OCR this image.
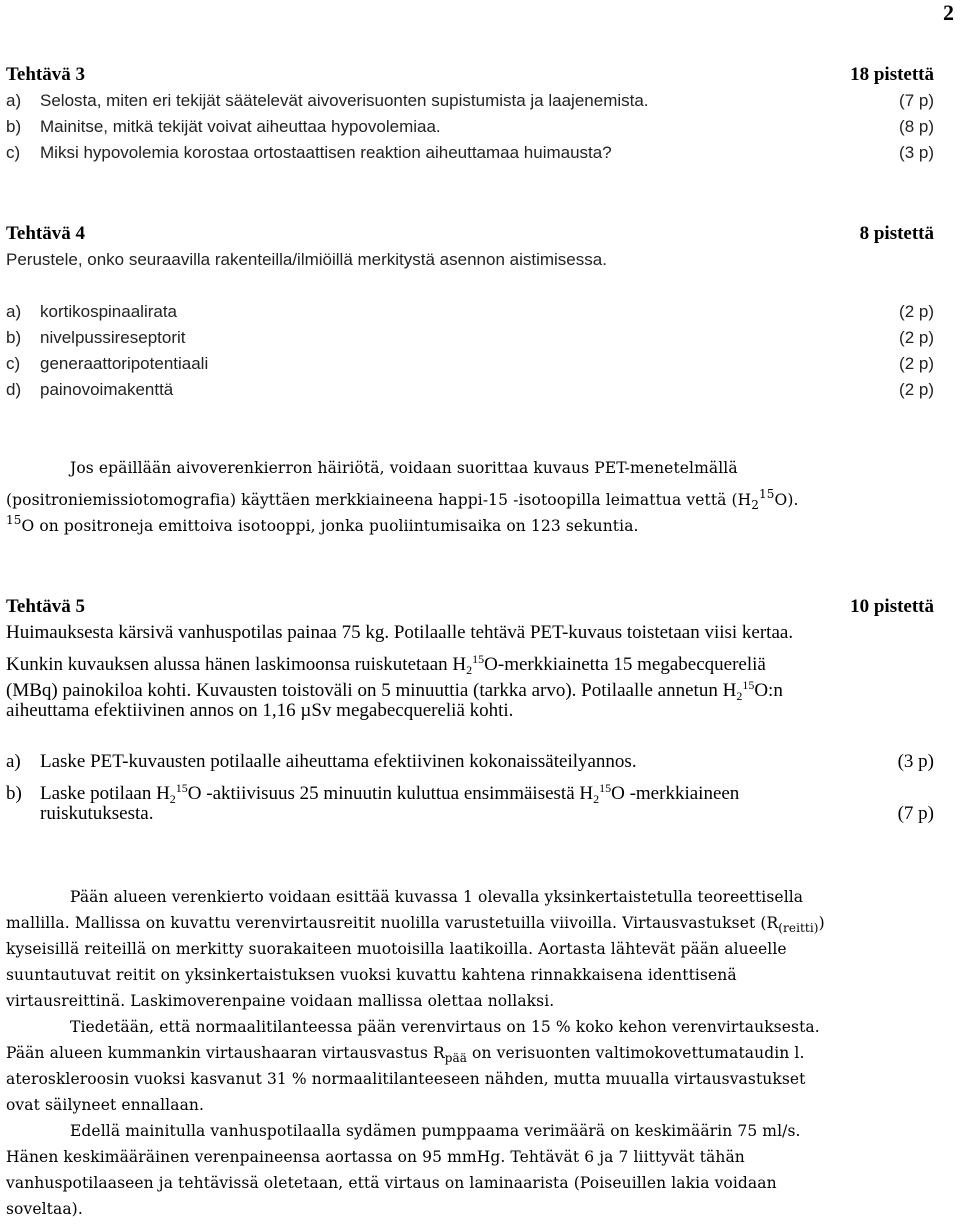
2
Tehtävä 3	18 pistettä
a) Selosta, miten eri tekijät säätelevät aivoverisuonten supistumista ja laajenemista.	(7 p)
b) Mainitse, mitkä tekijät voivat aiheuttaa hypovolemiaa.	(8 p)
c) Miksi hypovolemia korostaa ortostaattisen reaktion aiheuttamaa huimausta?	(3 p)
Tehtävä 4	8 pistettä
Perustele, onko seuraavilla rakenteilla/ilmiöillä merkitystä asennon aistimisessa.
a) kortikospinaalirata	(2 p)
b) nivelpussireseptorit	(2 p)
c) generaattoripotentiaali	(2 p)
d) painovoimakenttä	(2 p)
Jos epäillään aivoverenkierron häiriötä, voidaan suorittaa kuvaus PET-menetelmällä
(positroniemissiotomografia) käyttäen merkkiaineena happi-15 -isotoopilla leimattua vettä $(H_2^{15}O)$.
$^{15}$O on positroneja emittoiva isotooppi, jonka puoliintumisaika on 123 sekuntia.
Tehtävä 5	10 pistettä
Huimauksesta kärsivä vanhuspotilas painaa 75 kg. Potilaalle tehtävä PET-kuvaus toistetaan viisi kertaa.
Kunkin kuvauksen alussa hänen laskimoonsa ruiskutetaan $H_2^{15}O$-merkkiainetta 15 megabecquereliä
(MBq) painokiloa kohti. Kuvausten toistoväli on 5 minuuttia (tarkka arvo). Potilaalle annetun $H_2^{15}O:n$
aiheuttama efektiivinen annos on 1,16 µSv megabecquereliä kohti.
a) Laske PET-kuvausten potilaalle aiheuttama efektiivinen kokonaissäteilyannos.	(3 p)
b) Laske potilaan $H_2^{15}O$ -aktiivisuus 25 minuutin kuluttua ensimmäisestä $H_2^{15}O$ -merkkiaineen
ruiskutuksesta.	(7 p)
Pään alueen verenkierto voidaan esittää kuvassa 1 olevalla yksinkertaistetulla teoreettisella
mallilla. Mallissa on kuvattu verenvirtausreitit nuolilla varustetuilla viivoilla. Virtausvastukset $(R_{(reitti)})$
kyseisillä reiteillä on merkitty suorakaiteen muotoisilla laatikoilla. Aortasta lähtevät pään alueelle
suuntautuvat reitit on yksinkertaistuksen vuoksi kuvattu kahtena rinnakkaisena identtisenä
virtausreittinä. Laskimoverenpaine voidaan mallissa olettaa nollaksi.
Tiedetään, että normaalitilanteessa pään verenvirtaus on 15 % koko kehon verenvirtauksesta.
Pään alueen kummankin virtaushaaran virtausvastus $R_{pää}$ on verisuonten valtimokovettumataudin l.
ateroskleroosin vuoksi kasvanut 31 % normaalitilanteeseen nähden, mutta muualla virtausvastukset
ovat säilyneet ennallaan.
Edellä mainitulla vanhuspotilaalla sydämen pumppaama verimäärä on keskimäärin 75 ml/s.
Hänen keskimääräinen verenpaineensa aortassa on 95 mmHg. Tehtävät 6 ja 7 liittyvät tähän
vanhuspotilaaseen ja tehtävissä oletetaan, että virtaus on laminaarista (Poiseuillen lakia voidaan
soveltaa).
